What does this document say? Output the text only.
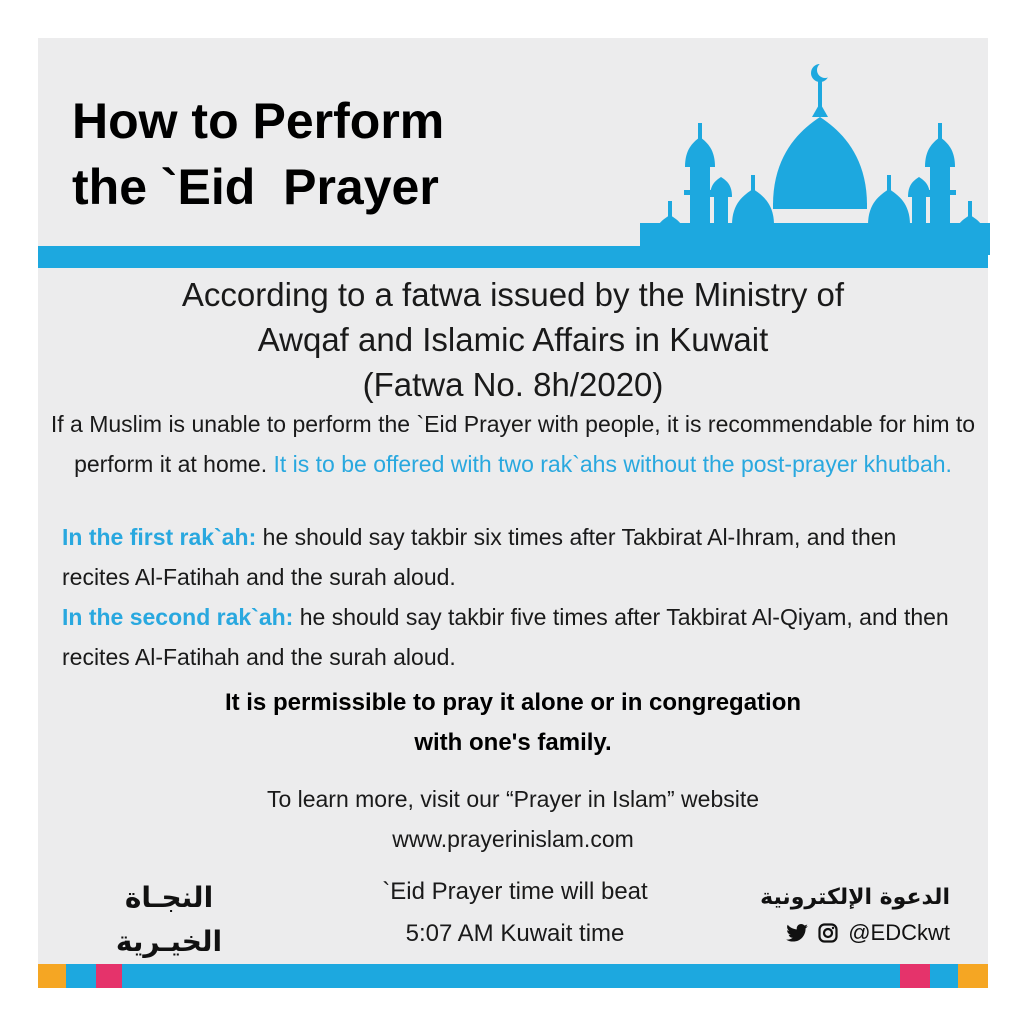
How to Perform
the `Eid  Prayer
According to a fatwa issued by the Ministry of
Awqaf and Islamic Affairs in Kuwait
(Fatwa No. 8h/2020)
If a Muslim is unable to perform the `Eid Prayer with people, it is recommendable for him to perform it at home. It is to be offered with two rak`ahs without the post-prayer khutbah.
In the first rak`ah: he should say takbir six times after Takbirat Al-Ihram, and then recites Al-Fatihah and the surah aloud.
In the second rak`ah: he should say takbir five times after Takbirat Al-Qiyam, and then recites Al-Fatihah and the surah aloud.
It is permissible to pray it alone or in congregation
with one's family.
To learn more, visit our “Prayer in Islam” website
www.prayerinislam.com
النجـاة الخيـرية
`Eid Prayer time will beat
5:07 AM Kuwait time
الدعوة الإلكترونية
@EDCkwt
